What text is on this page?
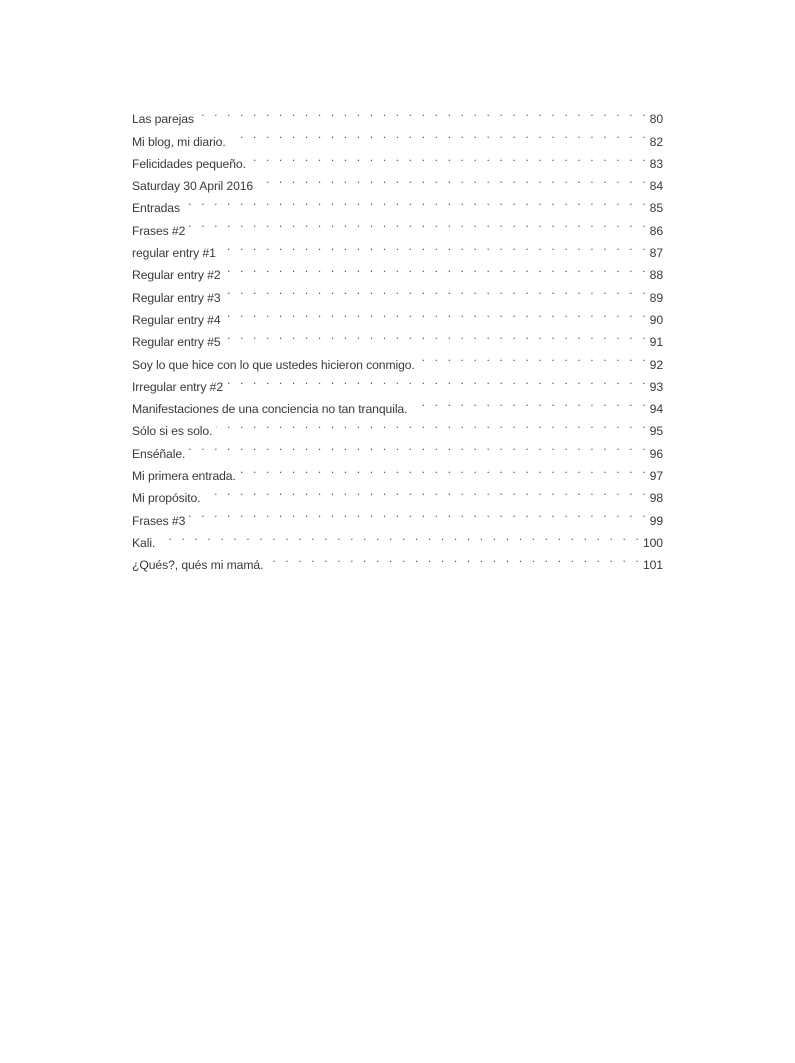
Las parejas . . .	80
Mi blog, mi diario. . . .	82
Felicidades pequeño. . . .	83
Saturday 30 April 2016 . . .	84
Entradas . . .	85
Frases #2 . . .	86
regular entry #1 . . .	87
Regular entry #2 . . .	88
Regular entry #3 . . .	89
Regular entry #4 . . .	90
Regular entry #5 . . .	91
Soy lo que hice con lo que ustedes hicieron conmigo. . . .	92
Irregular entry #2 . . .	93
Manifestaciones de una conciencia no tan tranquila. . . .	94
Sólo si es solo. . . .	95
Enséñale. . . .	96
Mi primera entrada. . . .	97
Mi propósito. . . .	98
Frases #3 . . .	99
Kali. . . .	100
¿Qués?, qués mi mamá. . . .	101
